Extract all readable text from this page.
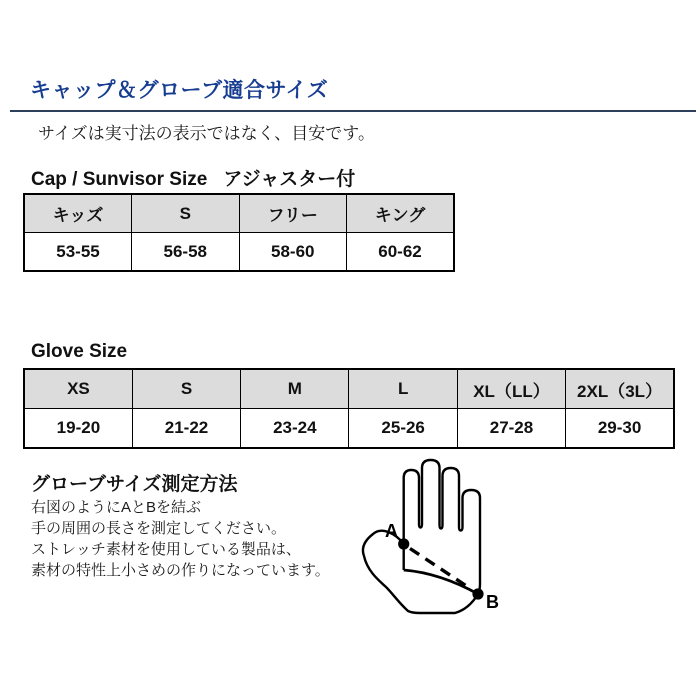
キャップ＆グローブ適合サイズ
サイズは実寸法の表示ではなく、目安です。
Cap / Sunvisor Size アジャスター付
キッズ	S	フリー	キング
53-55	56-58	58-60	60-62
Glove Size
XS	S	M	L	XL（LL）	2XL（3L）
19-20	21-22	23-24	25-26	27-28	29-30
グローブサイズ測定方法
右図のようにAとBを結ぶ
手の周囲の長さを測定してください。
ストレッチ素材を使用している製品は、
素材の特性上小さめの作りになっています。
A
B
